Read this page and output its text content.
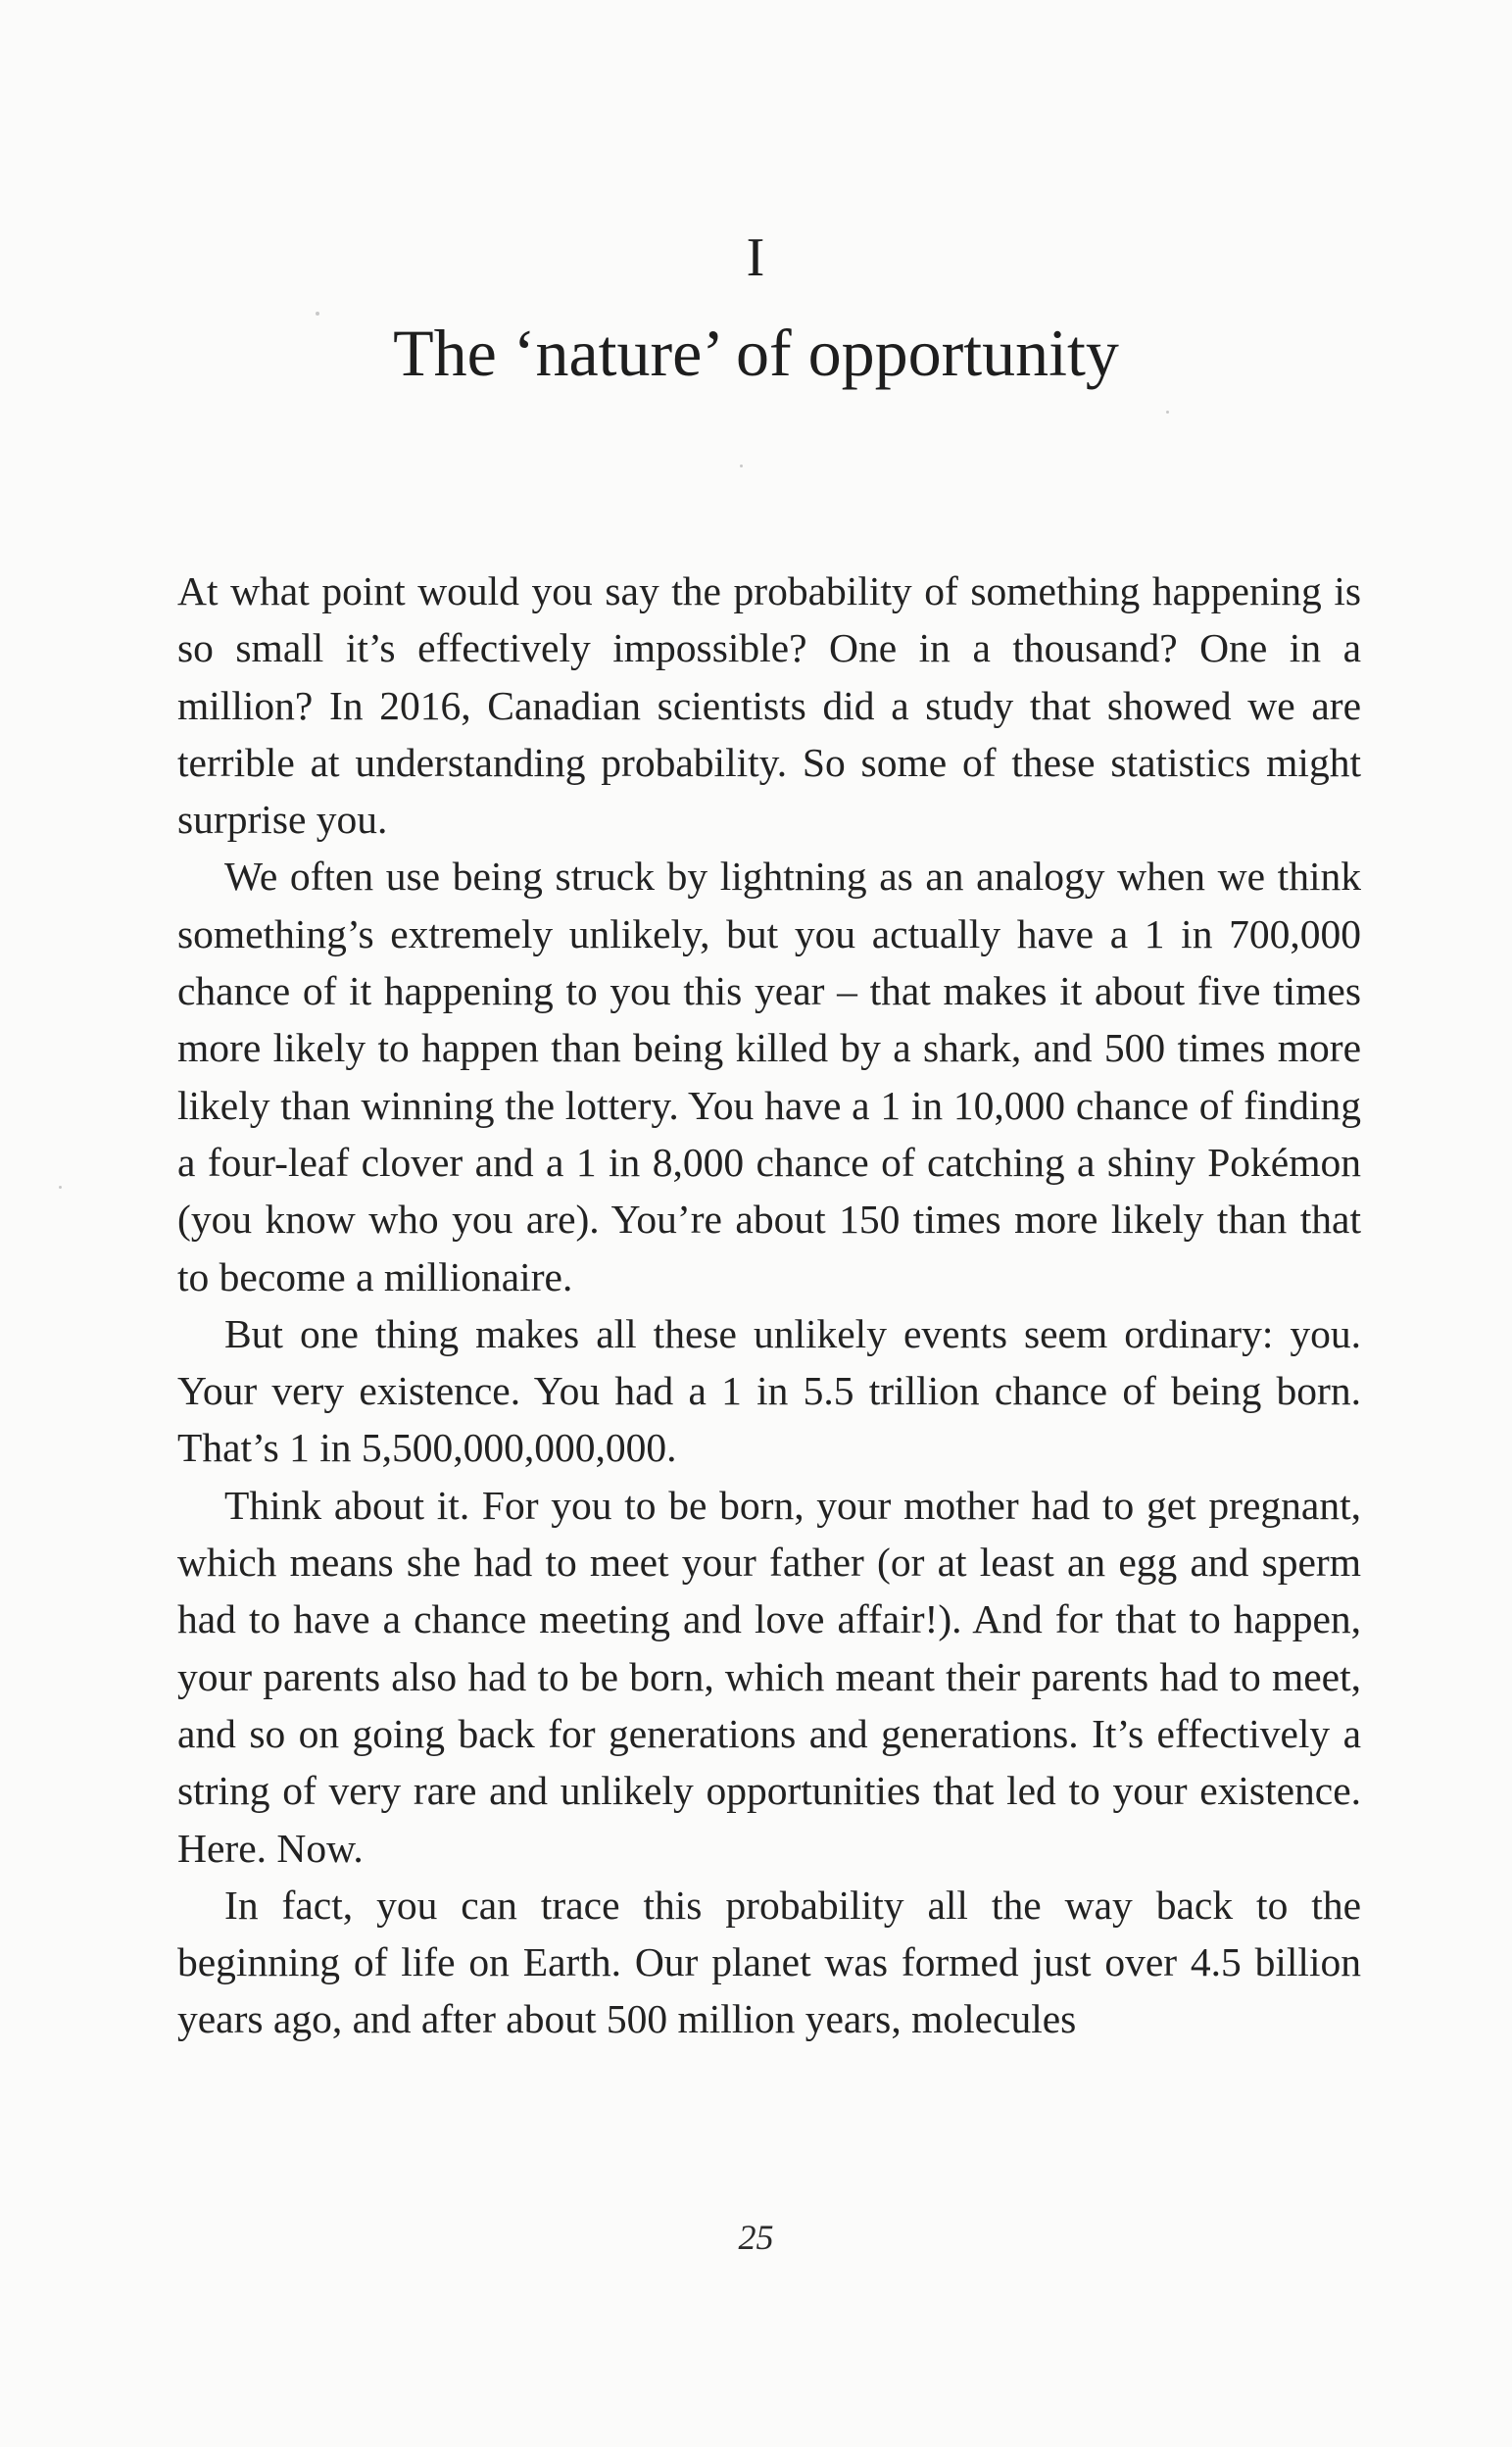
I
The ‘nature’ of opportunity

At what point would you say the probability of something happening is so small it’s effectively impossible? One in a thousand? One in a million? In 2016, Canadian scientists did a study that showed we are terrible at understanding probability. So some of these statistics might surprise you.

We often use being struck by lightning as an analogy when we think something’s extremely unlikely, but you actually have a 1 in 700,000 chance of it happening to you this year – that makes it about five times more likely to happen than being killed by a shark, and 500 times more likely than winning the lottery. You have a 1 in 10,000 chance of finding a four-leaf clover and a 1 in 8,000 chance of catching a shiny Pokémon (you know who you are). You’re about 150 times more likely than that to become a millionaire.

But one thing makes all these unlikely events seem ordinary: you. Your very existence. You had a 1 in 5.5 trillion chance of being born. That’s 1 in 5,500,000,000,000.

Think about it. For you to be born, your mother had to get pregnant, which means she had to meet your father (or at least an egg and sperm had to have a chance meeting and love affair!). And for that to happen, your parents also had to be born, which meant their parents had to meet, and so on going back for generations and generations. It’s effectively a string of very rare and unlikely opportunities that led to your existence. Here. Now.

In fact, you can trace this probability all the way back to the beginning of life on Earth. Our planet was formed just over 4.5 billion years ago, and after about 500 million years, molecules

25
